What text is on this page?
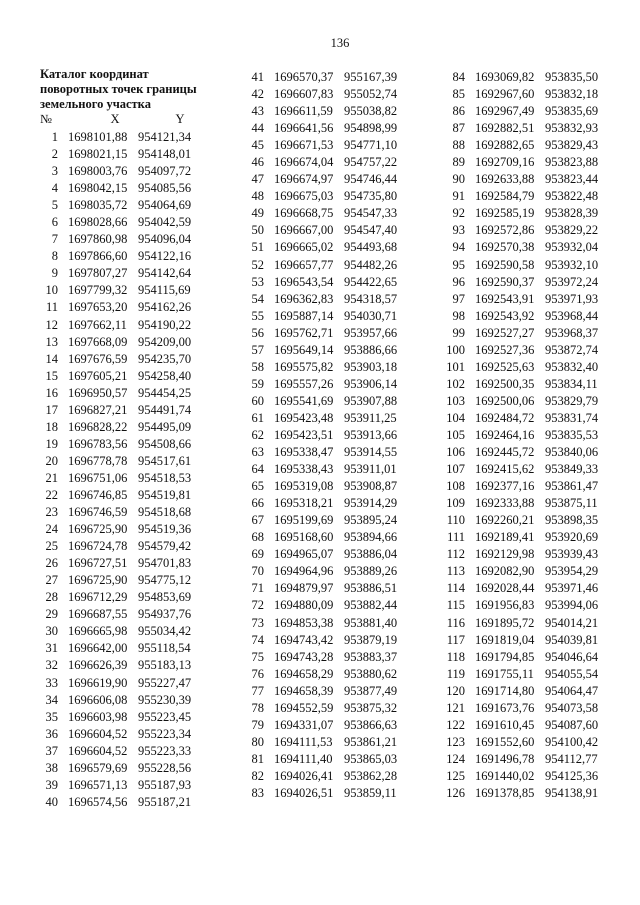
136
Каталог координат
поворотных точек границы
земельного участка
№	X	Y
1 1698101,88 954121,34
2 1698021,15 954148,01
3 1698003,76 954097,72
4 1698042,15 954085,56
5 1698035,72 954064,69
6 1698028,66 954042,59
7 1697860,98 954096,04
8 1697866,60 954122,16
9 1697807,27 954142,64
10 1697799,32 954115,69
11 1697653,20 954162,26
12 1697662,11 954190,22
13 1697668,09 954209,00
14 1697676,59 954235,70
15 1697605,21 954258,40
16 1696950,57 954454,25
17 1696827,21 954491,74
18 1696828,22 954495,09
19 1696783,56 954508,66
20 1696778,78 954517,61
21 1696751,06 954518,53
22 1696746,85 954519,81
23 1696746,59 954518,68
24 1696725,90 954519,36
25 1696724,78 954579,42
26 1696727,51 954701,83
27 1696725,90 954775,12
28 1696712,29 954853,69
29 1696687,55 954937,76
30 1696665,98 955034,42
31 1696642,00 955118,54
32 1696626,39 955183,13
33 1696619,90 955227,47
34 1696606,08 955230,39
35 1696603,98 955223,45
36 1696604,52 955223,34
37 1696604,52 955223,33
38 1696579,69 955228,56
39 1696571,13 955187,93
40 1696574,56 955187,21
41 1696570,37 955167,39
42 1696607,83 955052,74
43 1696611,59 955038,82
44 1696641,56 954898,99
45 1696671,53 954771,10
46 1696674,04 954757,22
47 1696674,97 954746,44
48 1696675,03 954735,80
49 1696668,75 954547,33
50 1696667,00 954547,40
51 1696665,02 954493,68
52 1696657,77 954482,26
53 1696543,54 954422,65
54 1696362,83 954318,57
55 1695887,14 954030,71
56 1695762,71 953957,66
57 1695649,14 953886,66
58 1695575,82 953903,18
59 1695557,26 953906,14
60 1695541,69 953907,88
61 1695423,48 953911,25
62 1695423,51 953913,66
63 1695338,47 953914,55
64 1695338,43 953911,01
65 1695319,08 953908,87
66 1695318,21 953914,29
67 1695199,69 953895,24
68 1695168,60 953894,66
69 1694965,07 953886,04
70 1694964,96 953889,26
71 1694879,97 953886,51
72 1694880,09 953882,44
73 1694853,38 953881,40
74 1694743,42 953879,19
75 1694743,28 953883,37
76 1694658,29 953880,62
77 1694658,39 953877,49
78 1694552,59 953875,32
79 1694331,07 953866,63
80 1694111,53 953861,21
81 1694111,40 953865,03
82 1694026,41 953862,28
83 1694026,51 953859,11
84 1693069,82 953835,50
85 1692967,60 953832,18
86 1692967,49 953835,69
87 1692882,51 953832,93
88 1692882,65 953829,43
89 1692709,16 953823,88
90 1692633,88 953823,44
91 1692584,79 953822,48
92 1692585,19 953828,39
93 1692572,86 953829,22
94 1692570,38 953932,04
95 1692590,58 953932,10
96 1692590,37 953972,24
97 1692543,91 953971,93
98 1692543,92 953968,44
99 1692527,27 953968,37
100 1692527,36 953872,74
101 1692525,63 953832,40
102 1692500,35 953834,11
103 1692500,06 953829,79
104 1692484,72 953831,74
105 1692464,16 953835,53
106 1692445,72 953840,06
107 1692415,62 953849,33
108 1692377,16 953861,47
109 1692333,88 953875,11
110 1692260,21 953898,35
111 1692189,41 953920,69
112 1692129,98 953939,43
113 1692082,90 953954,29
114 1692028,44 953971,46
115 1691956,83 953994,06
116 1691895,72 954014,21
117 1691819,04 954039,81
118 1691794,85 954046,64
119 1691755,11 954055,54
120 1691714,80 954064,47
121 1691673,76 954073,58
122 1691610,45 954087,60
123 1691552,60 954100,42
124 1691496,78 954112,77
125 1691440,02 954125,36
126 1691378,85 954138,91
